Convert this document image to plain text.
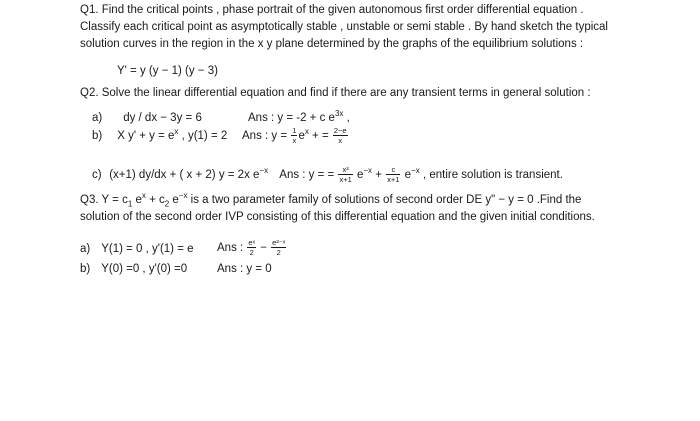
Q1. Find the critical points , phase portrait of the given autonomous first order differential equation .
Classify each critical point as asymptotically stable , unstable or semi stable . By hand sketch the typical
solution curves in the region in the x y plane determined by the graphs of the equilibrium solutions :
Y' = y (y − 1) (y − 3)
Q2. Solve the linear differential equation and find if there are any transient terms in general solution :
a) dy / dx − 3y = 6	Ans : y = -2 + c $e^{3x}$ ,
b) X $y' + y = e^x$ , y(1) = 2 Ans : $y = \frac{1}{x} e^x$ + = $\frac{2-e}{x}$
c) (x+1) dy/dx + ( x + 2) y = 2x $e^{-x}$ Ans : y = = $\frac{\text{x²}}{x+1} e^{-x} + \frac{c}{x+1} e^{-x}$ , entire solution is transient.
Q3. $Y = c_1$ $e^x + c_2$ $e^{-x}$ is a two parameter family of solutions of second order DE y" − y = 0 .Find the
solution of the second order IVP consisting of this differential equation and the given initial conditions.
a) Y(1) = 0 , y'(1) = e Ans : $\frac{\text{eˣ}}{2} - \frac{\text{e²⁻ˣ}}{2}$
b) Y(0) =0 , y'(0) =0	Ans : y = 0
